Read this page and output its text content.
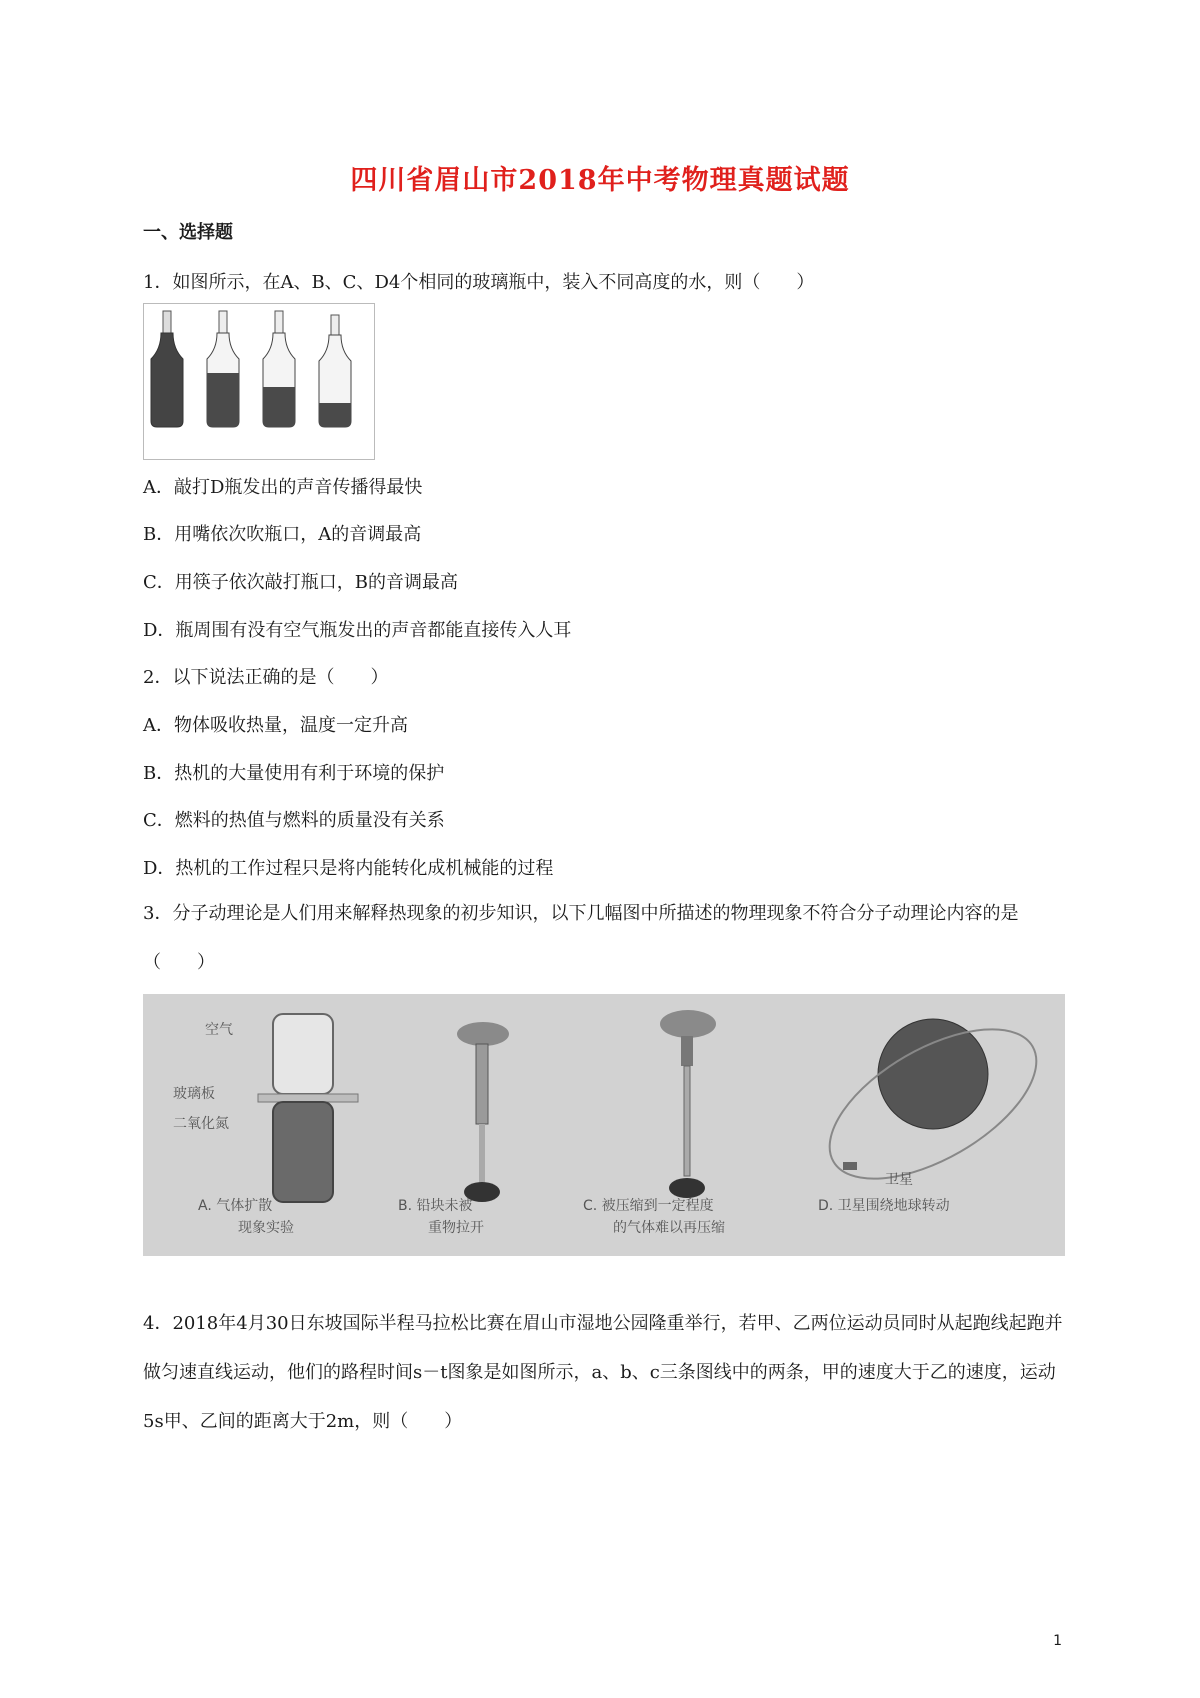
四川省眉山市2018年中考物理真题试题
一、选择题
1．如图所示，在A、B、C、D4个相同的玻璃瓶中，装入不同高度的水，则（　　）
A．敲打D瓶发出的声音传播得最快
B．用嘴依次吹瓶口，A的音调最高
C．用筷子依次敲打瓶口，B的音调最高
D．瓶周围有没有空气瓶发出的声音都能直接传入人耳
2．以下说法正确的是（　　）
A．物体吸收热量，温度一定升高
B．热机的大量使用有利于环境的保护
C．燃料的热值与燃料的质量没有关系
D．热机的工作过程只是将内能转化成机械能的过程
3．分子动理论是人们用来解释热现象的初步知识，以下几幅图中所描述的物理现象不符合分子动理论内容的是（　　）
空气
玻璃板
二氧化氮
卫星
A. 气体扩散
现象实验
B. 铅块未被
重物拉开
C. 被压缩到一定程度
的气体难以再压缩
D. 卫星围绕地球转动
4．2018年4月30日东坡国际半程马拉松比赛在眉山市湿地公园隆重举行，若甲、乙两位运动员同时从起跑线起跑并做匀速直线运动，他们的路程时间s－t图象是如图所示，a、b、c三条图线中的两条，甲的速度大于乙的速度，运动5s甲、乙间的距离大于2m，则（　　）
1
